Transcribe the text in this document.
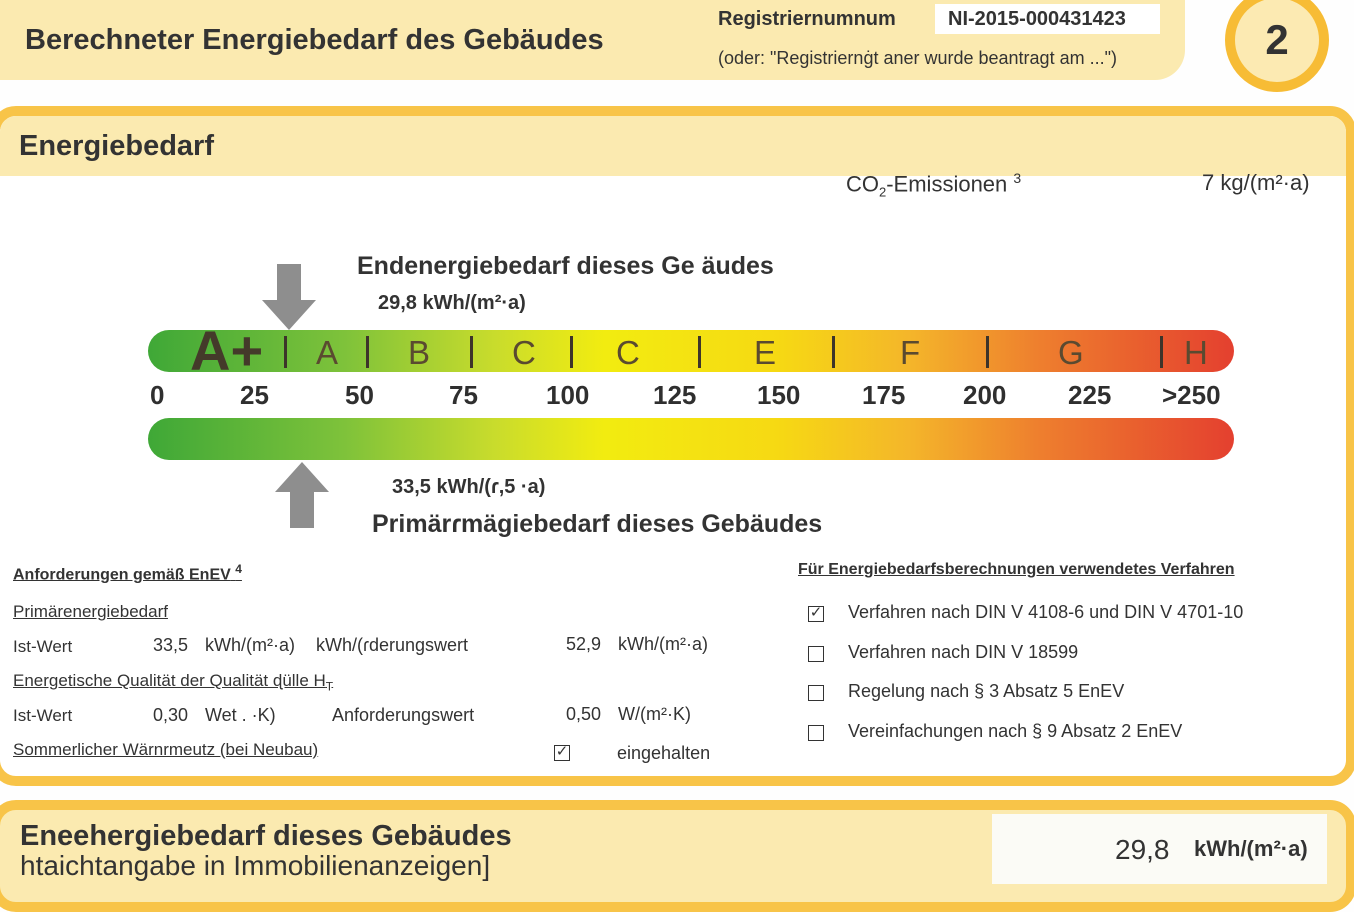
Berechneter Energiebedarf des Gebäudes
Registriernumnum	NI-2015-000431423
(oder: "Registriernġt aner wurde beantragt am ...")	2
Energiebedarf
$CO_2$-Emissionen $^3$	7 kg/(m²·a)
Endenergiebedarf dieses Ge äudes
29,8 kWh/(m²·a)
A+ A B C C	E	F	G	H
0	25	50	75	100 125 150 175 200 225 >250
33,5 kWh/(ɾ,5 ·a)
Primärɾmägiebedarf dieses Gebäudes
Anforderungen gemäß EnEV $^4$
Primärenergiebedarf
Ist-Wert	33,5 kWh/(m²·a) kWh/(ɾderungswert	52,9 kWh/(m²·a)
Energetische Qualität der Qualität ɖülle $H_T$
Ist-Wert	0,30 Wet . ·K)	Anforderungswert	0,50 W/(m²·K)
Sommerlicher Wärnrmeutz (bei Neubau)	✓	eingehalten
Für Energiebedarfsberechnungen verwendetes Verfahren
✓ Verfahren nach DIN V 4108-6 und DIN V 4701-10
Verfahren nach DIN V 18599
Regelung nach § 3 Absatz 5 EnEV
Vereinfachungen nach § 9 Absatz 2 EnEV
Eneehergiebedarf dieses Gebäudes
htaichtangabe in Immobilienanzeigen]
29,8 kWh/(m²·a)
